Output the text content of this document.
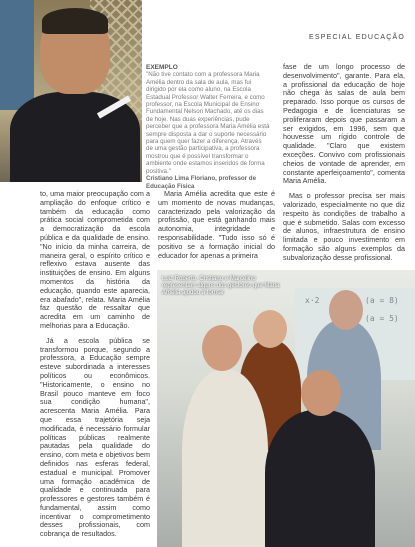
ESPECIAL EDUCAÇÃO
EXEMPLO
"Não tive contato com a professora Maria Amélia dentro da sala de aula, mas fui dirigido por ela como aluno, na Escola Estadual Professor Walter Ferreira, e como professor, na Escola Municipal de Ensino Fundamental Nelson Machado, até os dias de hoje. Nas duas experiências, pude perceber que a professora Maria Amélia está sempre disposta a dar o suporte necessário para quem quer fazer a diferença. Através de uma gestão participativa, a professora mostrou que é possível transformar o ambiente onde estamos inseridos de forma positiva."
Cristiano Lima Floriano, professor de Educação Física

to, uma maior preocupação com a ampliação do enfoque crítico e também da educação como prática social comprometida com a democratização da escola pública e da qualidade de ensino. "No início da minha carreira, de maneira geral, o espírito crítico e reflexivo estava ausente das instituições de ensino. Em alguns momentos da história da educação, quando este aparecia, era abafado", relata. Maria Amélia faz questão de ressaltar que acredita em um caminho de melhorias para a Educação.

Já a escola pública se transformou porque, segundo a professora, a Educação sempre esteve subordinada a interesses políticos ou econômicos. "Historicamente, o ensino no Brasil pouco manteve em foco sua condição humana", acrescenta Maria Amélia. Para que essa trajetória seja modificada, é necessário formular políticas públicas realmente pautadas pela qualidade do ensino, com meta e objetivos bem definidos nas esferas federal, estadual e municipal. Promover uma formação acadêmica de qualidade e continuada para professores e gestores também é fundamental, assim como incentivar o comprometimento desses profissionais, com cobrança de resultados.

Maria Amélia acredita que este é um momento de novas mudanças, caracterizado pela valorização da profissão, que está ganhando mais autonomia, integridade e responsabilidade. "Tudo isso só é positivo se a formação inicial do educador for apenas a primeira

fase de um longo processo de desenvolvimento", garante. Para ela, a profissional da educação de hoje não chega às salas de aula bem preparado. Isso porque os cursos de Pedagogia e de licenciaturas se proliferaram depois que passaram a ser exigidos, em 1996, sem que houvesse um rígido controle de qualidade. "Claro que existem exceções. Convivo com profissionais cheios de vontade de aprender, em constante aperfeiçoamento", comenta Maria Amélia.

Mas o professor precisa ser mais valorizado, especialmente no que diz respeito às condições de trabalho a que é submetido. Salas com excesso de alunos, infraestrutura de ensino limitada e pouco investimento em formação são alguns exemplos da subvalorização desse profissional.

x·2	(a = 8)
(a = 5)
Luiz Roberto, Cristiano e Marcelino representam alguns dos gestores que Maria Amélia ajudou a formar
